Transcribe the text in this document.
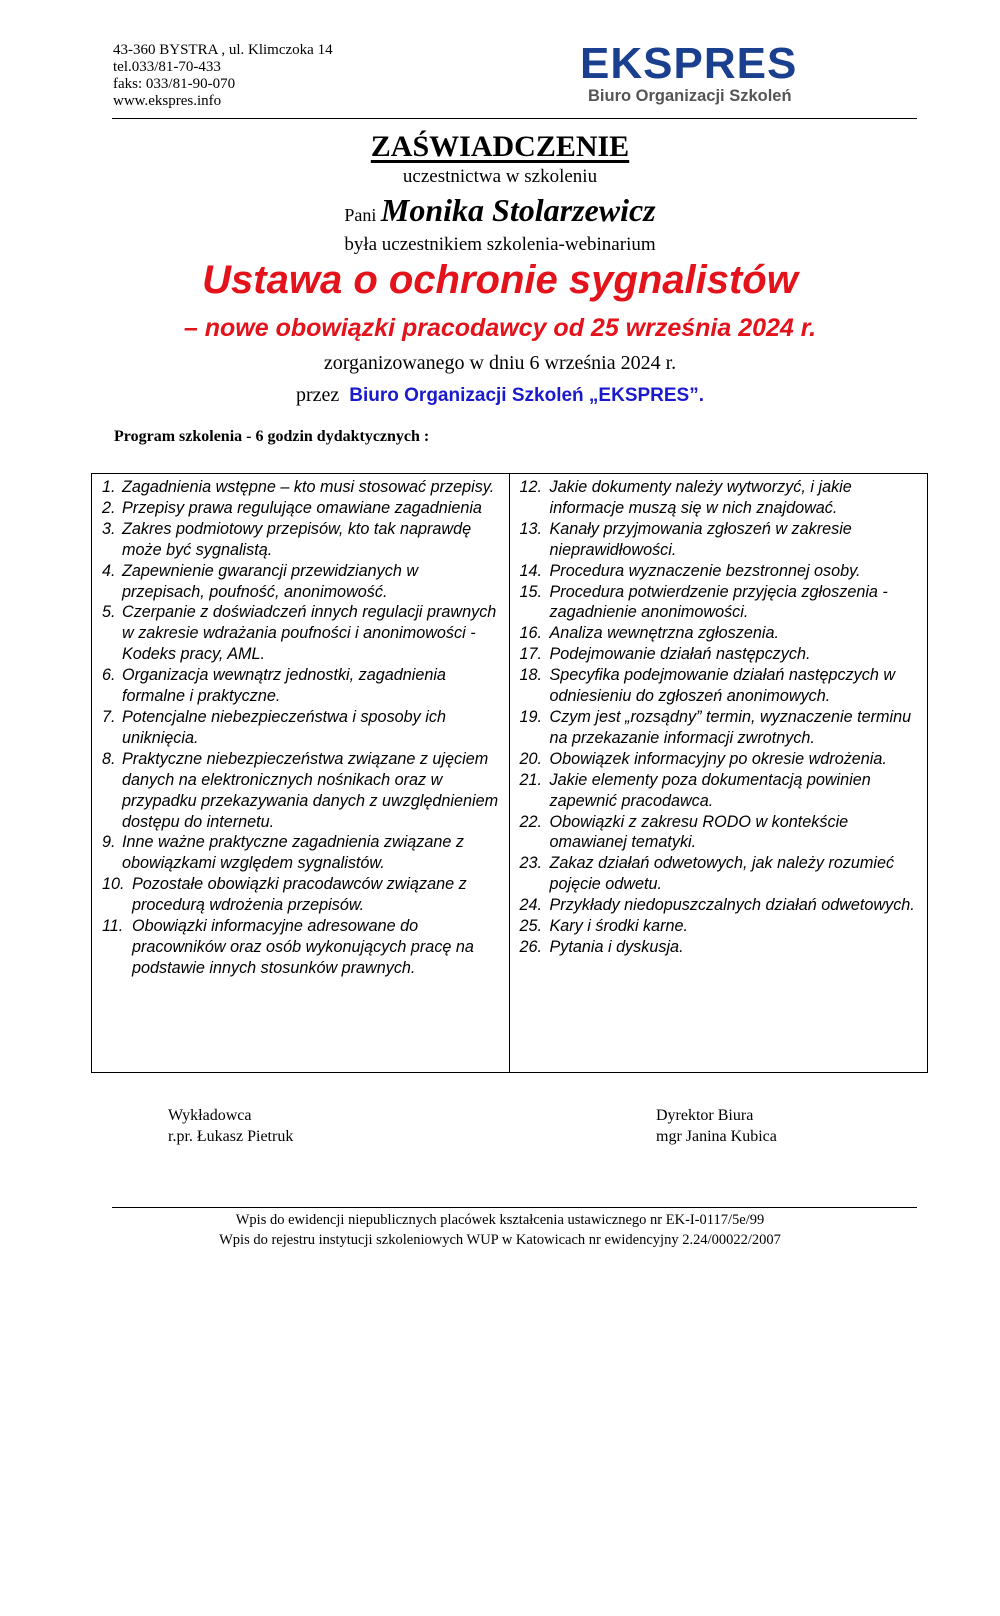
43-360 BYSTRA , ul. Klimczoka 14
tel.033/81-70-433
faks: 033/81-90-070
www.ekspres.info
EKSPRES
Biuro Organizacji Szkoleń
ZAŚWIADCZENIE
uczestnictwa w szkoleniu
Pani Monika Stolarzewicz
była uczestnikiem szkolenia-webinarium
Ustawa o ochronie sygnalistów
– nowe obowiązki pracodawcy od 25 września 2024 r.
zorganizowanego w dniu 6 września 2024 r.
przez Biuro Organizacji Szkoleń „EKSPRES”.
Program szkolenia - 6 godzin dydaktycznych :
1. Zagadnienia wstępne – kto musi stosować przepisy.
2. Przepisy prawa regulujące omawiane zagadnienia
3. Zakres podmiotowy przepisów, kto tak naprawdę może być sygnalistą.
4. Zapewnienie gwarancji przewidzianych w przepisach, poufność, anonimowość.
5. Czerpanie z doświadczeń innych regulacji prawnych w zakresie wdrażania poufności i anonimowości - Kodeks pracy, AML.
6. Organizacja wewnątrz jednostki, zagadnienia formalne i praktyczne.
7. Potencjalne niebezpieczeństwa i sposoby ich uniknięcia.
8. Praktyczne niebezpieczeństwa związane z ujęciem danych na elektronicznych nośnikach oraz w przypadku przekazywania danych z uwzględnieniem dostępu do internetu.
9. Inne ważne praktyczne zagadnienia związane z obowiązkami względem sygnalistów.
10. Pozostałe obowiązki pracodawców związane z procedurą wdrożenia przepisów.
11. Obowiązki informacyjne adresowane do pracowników oraz osób wykonujących pracę na podstawie innych stosunków prawnych.
12. Jakie dokumenty należy wytworzyć, i jakie informacje muszą się w nich znajdować.
13. Kanały przyjmowania zgłoszeń w zakresie nieprawidłowości.
14. Procedura wyznaczenie bezstronnej osoby.
15. Procedura potwierdzenie przyjęcia zgłoszenia - zagadnienie anonimowości.
16. Analiza wewnętrzna zgłoszenia.
17. Podejmowanie działań następczych.
18. Specyfika podejmowanie działań następczych w odniesieniu do zgłoszeń anonimowych.
19. Czym jest „rozsądny” termin, wyznaczenie terminu na przekazanie informacji zwrotnych.
20. Obowiązek informacyjny po okresie wdrożenia.
21. Jakie elementy poza dokumentacją powinien zapewnić pracodawca.
22. Obowiązki z zakresu RODO w kontekście omawianej tematyki.
23. Zakaz działań odwetowych, jak należy rozumieć pojęcie odwetu.
24. Przykłady niedopuszczalnych działań odwetowych.
25. Kary i środki karne.
26. Pytania i dyskusja.
Wykładowca
r.pr. Łukasz Pietruk
Dyrektor Biura
mgr Janina Kubica
Wpis do ewidencji niepublicznych placówek kształcenia ustawicznego nr EK-I-0117/5e/99
Wpis do rejestru instytucji szkoleniowych WUP w Katowicach nr ewidencyjny 2.24/00022/2007
